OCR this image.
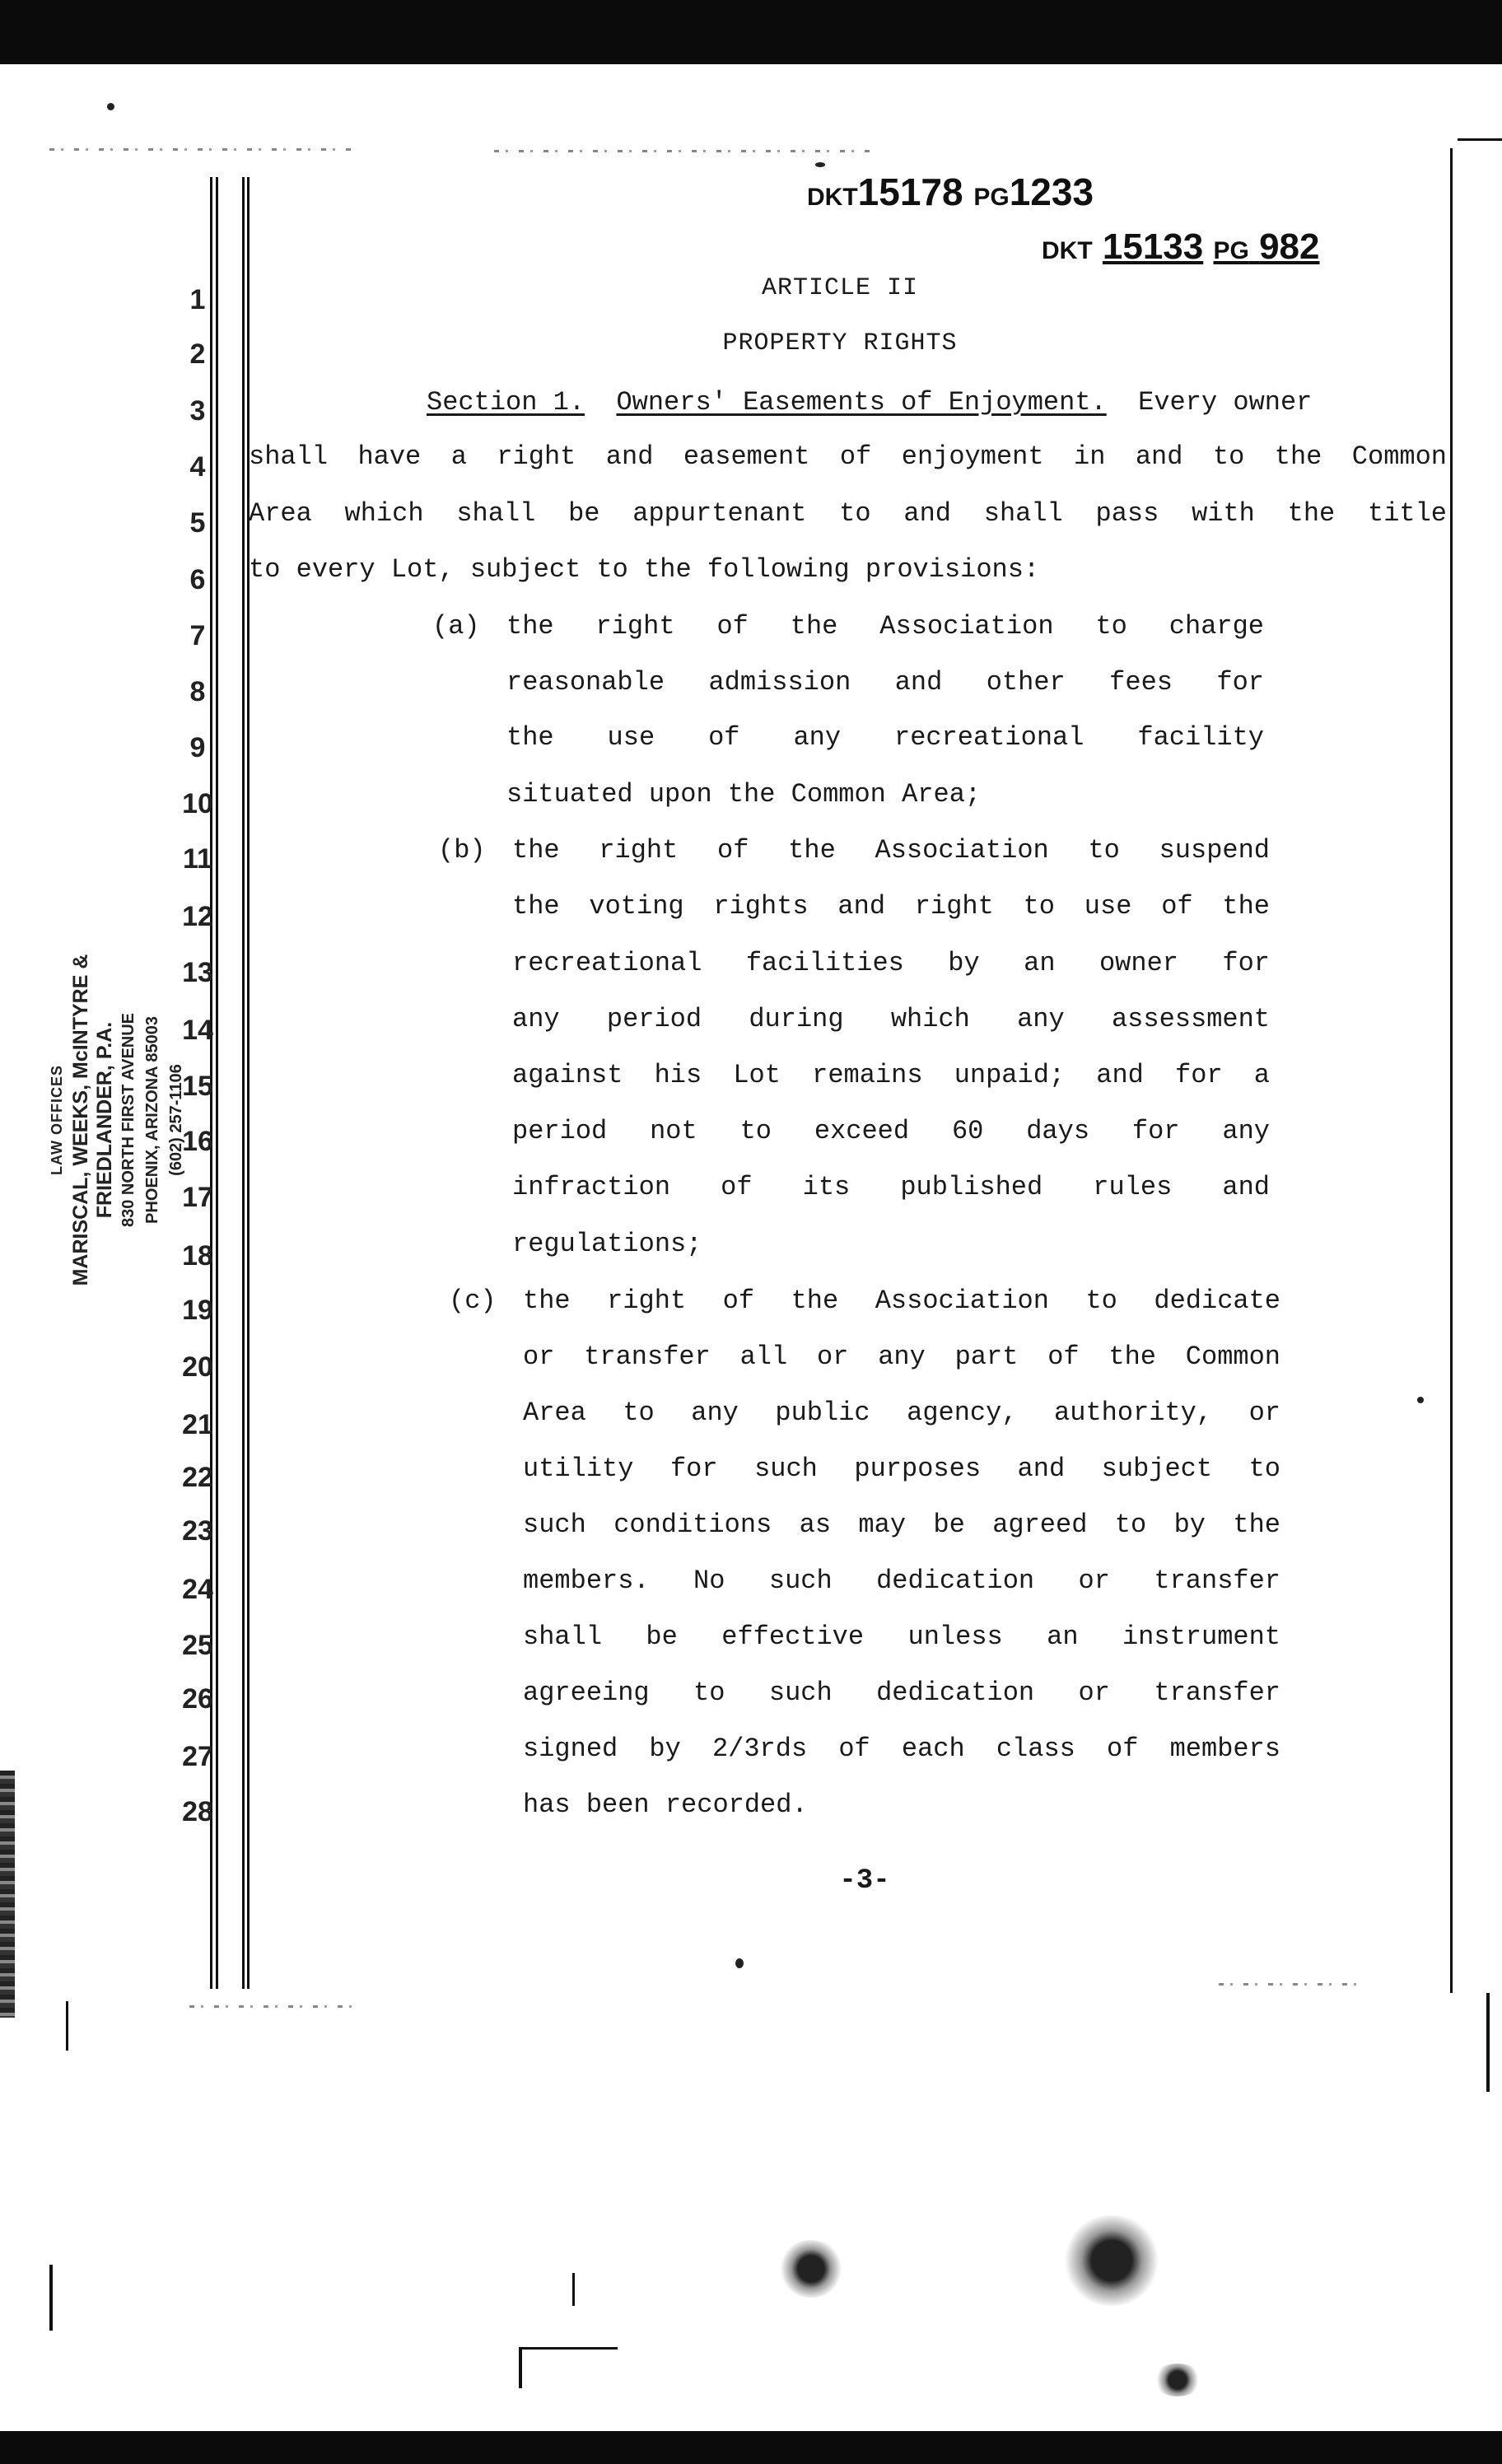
LAW OFFICES MARISCAL, WEEKS, McINTYRE & FRIEDLANDER, P.A. 830 NORTH FIRST AVENUE PHOENIX, ARIZONA 85003 (602) 257-1106
DKT15178 PG1233
DKT 15133 PG 982
1
2
3
4
5
6
7
8
9
10
11
12
13
14
15
16
17
18
19
20
21
22
23
24
25
26
27
28
ARTICLE II
PROPERTY RIGHTS
Section 1. Owners' Easements of Enjoyment. Every owner
shall have a right and easement of enjoyment in and to the Common
Area which shall be appurtenant to and shall pass with the title
to every Lot, subject to the following provisions:
(a) the right of the Association to charge
reasonable admission and other fees for
the use of any recreational facility
situated upon the Common Area;
(b) the right of the Association to suspend
the voting rights and right to use of the
recreational facilities by an owner for
any period during which any assessment
against his Lot remains unpaid; and for a
period not to exceed 60 days for any
infraction of its published rules and
regulations;
(c) the right of the Association to dedicate
or transfer all or any part of the Common
Area to any public agency, authority, or
utility for such purposes and subject to
such conditions as may be agreed to by the
members. No such dedication or transfer
shall be effective unless an instrument
agreeing to such dedication or transfer
signed by 2/3rds of each class of members
has been recorded.
-3-
